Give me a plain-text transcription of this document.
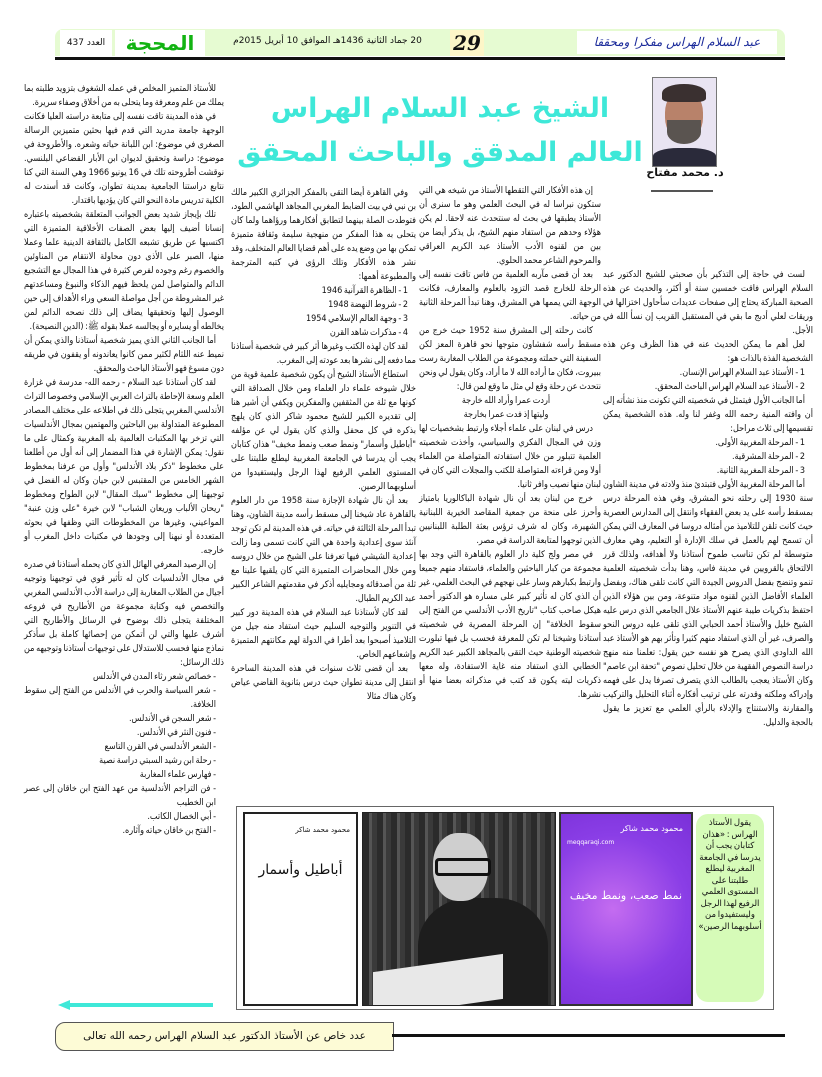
عبد السلام الهراس مفكرا ومحققا
29
20 جماد الثانية 1436هـ الموافق 10 أبريل 2015م
المحجة
العدد 437
الشيخ عبد السلام الهراس
العالم المدقق والباحث المحقق
د. محمد مفتاح

لست في حاجة إلى التذكير بأن صحبتي للشيخ الدكتور عبد السلام الهراس فاقت خمسين سنة أو أكثر، والحديث عن هذه الصحبة المباركة يحتاج إلى صفحات عديدات سأحاول اختزالها في وريقات لعلي أدبج ما بقي في المستقبل القريب إن نسأ الله في الأجل.

لعل أهم ما يمكن الحديث عنه في هذا الظرف وعن هذه الشخصية الفذة بالذات هو:

1 - الأستاذ عبد السلام الهراس الإنسان.

2 - الأستاذ عبد السلام الهراس الباحث المحقق.

أما الجانب الأول فيتمثل في شخصيته التي تكونت منذ نشأته إلى أن وافته المنية رحمه الله وغفر لنا وله. هذه الشخصية يمكن تقسيمها إلى ثلاث مراحل:

1 - المرحلة المغربية الأولى.

2 - المرحلة المشرقية.

3 - المرحلة المغربية الثانية.

أما المرحلة المغربية الأولى فتبتدئ منذ ولادته في مدينة الشاون سنة 1930 إلى رحلته نحو المشرق، وفي هذه المرحلة درس بمسقط رأسه على يد بعض الفقهاء وانتقل إلى المدارس العصرية حيث كانت تلقن للتلاميذ من أمثاله دروسا في المعارف التي يمكن أن تسمح لهم بالعمل في سلك الإدارة أو التعليم، وهي معارف متوسطة لم تكن تناسب طموح أستاذنا ولا أهدافه، ولذلك قرر الالتحاق بالقرويين في مدينة فاس، وهنا بدأت شخصيته العلمية تنمو وتنضج بفضل الدروس الجيدة التي كانت تلقى هناك، وبفضل العلماء الأفاضل الذين لقنوه مواد متنوعة، ومن بين هؤلاء الذين احتفظ بذكريات طيبة عنهم الأستاذ علال الجامعي الذي درس عليه الشيخ خليل والأستاذ أحمد الحبابي الذي تلقى عليه دروس النحو والصرف، غير أن الذي استفاد منهم كثيرا وتأثر بهم هو الأستاذ عبد الله الداودي الذي يصرح هو نفسه حين يقول: تعلمنا منه منهج دراسة النصوص الفقهية من خلال تحليل نصوص "تحفة ابن عاصم" وكان الأستاذ يعجب بالطالب الذي يتصرف تصرفا يدل على فهمه وإدراكه وملكته وقدرته على ترتيب أفكاره أثناء التحليل والتركيب والمقارنة والاستنتاج والإدلاء بالرأي العلمي مع تعزيز ما يقول بالحجة والدليل.

إن هذه الأفكار التي التقطها الأستاذ من شيخه هي التي ستكون نبراسا له في البحث العلمي وهو ما سنرى أن الأستاذ يطبقها في بحث له سنتحدث عنه لاحقا. لم يكن هؤلاء وحدهم من استفاد منهم الشيخ، بل يذكر أيضا من بين من لقنوه الأدب الأستاذ عبد الكريم العراقي والمرحوم الشاعر محمد الحلوي.

بعد أن قضى مآربه العلمية من فاس تاقت نفسه إلى الرحلة للخارج قصد التزود بالعلوم والمعارف، فكانت الوجهة التي يممها هي المشرق، وهنا تبدأ المرحلة الثانية من حياته.

كانت رحلته إلى المشرق سنة 1952 حيث خرج من مسقط رأسه شفشاون متوجها نحو قاهرة المعز لكن السفينة التي حملته ومجموعة من الطلاب المغاربة رست ببيروت، فكان ما أراده الله لا ما أراد، وكان يقول لي ونحن نتحدث عن رحلة وقع لي مثل ما وقع لمن قال:

أردت عمرا وأراد الله خارجة

وليتها إذ فدت عمرا بخارجة

درس في لبنان على علماء أجلاء وارتبط بشخصيات لها وزن في المجال الفكري والسياسي، وأخذت شخصيته العلمية تتبلور من خلال استفادته المتواصلة من العلماء أولا ومن قراءته المتواصلة للكتب والمجلات التي كان في لبنان منها نصيب وافر ثانيا.

خرج من لبنان بعد أن نال شهادة الباكالوريا بامتياز وأحرز على منحة من جمعية المقاصد الخيرية اللبنانية الشهيرة، وكان له شرف ترؤس بعثة الطلبة اللبنانيين الذين توجهوا لمتابعة الدراسة في مصر.

في مصر ولج كلية دار العلوم بالقاهرة التي وجد بها مجموعة من كبار الباحثين والعلماء، فاستفاد منهم جميعا وارتبط بكبارهم وسار على نهجهم في البحث العلمي، غير أن الذي كان له تأثير كبير على مساره هو الدكتور أحمد هيكل صاحب كتاب "تاريخ الأدب الأندلسي من الفتح إلى سقوط الخلافة" إن المرحلة المصرية في شخصيته أستاذنا وشيخنا لم تكن للمعرفة فحسب بل فيها تبلورت شخصيته الوطنية حيث التقى بالمجاهد الكبير عبد الكريم الخطابي الذي استفاد منه غاية الاستفادة، وله معها ذكريات ليته يكون قد كتب في مذكراته بعضا منها أو نشرها.

وفي القاهرة أيضا التقى بالمفكر الجزائري الكبير مالك بن نبي في بيت الضابط المغربي المجاهد الهاشمي الطود، فتوطدت الصلة بينهما لتطابق أفكارهما ورؤاهما ولما كان يتحلى به هذا المفكر من منهجية سليمة وثقافة متميزة تمكن بها من وضع يده على أهم قضايا العالم المتخلف، وقد نشر هذه الأفكار وتلك الرؤى في كتبه المترجمة والمطبوعة أهمها:

1 - الظاهرة القرآنية 1946

2 - شروط النهضة 1948

3 - وجهة العالم الإسلامي 1954

4 - مذكرات شاهد القرن

لقد كان لهذه الكتب وغيرها أثر كبير في شخصية أستاذنا مما دفعه إلى نشرها بعد عودته إلى المغرب.

استطاع الأستاذ الشيخ أن يكون شخصية علمية قوية من خلال شيوخه علماء دار العلماء ومن خلال الصداقة التي كونها مع ثلة من المثقفين والمفكرين ويكفي أن أشير هنا إلى تقديره الكبير للشيخ محمود شاكر الذي كان يلهج بذكره في كل محفل والذي كان يقول لي عن مؤلفه "أباطيل وأسمار" ونمط صعب ونمط مخيف" هذان كتابان يجب أن يدرسا في الجامعة المغربية ليطلع طلبتنا على المستوى العلمي الرفيع لهذا الرجل وليستفيدوا من أسلوبهما الرصين.

بعد أن نال شهادة الإجازة سنة 1958 من دار العلوم بالقاهرة عاد شيخنا إلى مسقط رأسه مدينة الشاون، وهنا تبدأ المرحلة الثالثة في حياته. في هذه المدينة لم تكن توجد آنئذ سوى إعدادية واحدة هي التي كانت تسمى وما زالت إعدادية الشيشي فيها تعرفنا على الشيخ من خلال دروسه ومن خلال المحاضرات المتميزة التي كان يلقيها علينا مع ثلة من أصدقائه ومجايليه أذكر في مقدمتهم الشاعر الكبير عبد الكريم الطبال.

لقد كان لأستاذنا عبد السلام في هذه المدينة دور كبير في التنوير والتوجيه السليم حيث استفاد منه جيل من التلاميذ أصبحوا بعد أطرا في الدولة لهم مكانتهم المتميزة وإشعاعهم الخاص.

بعد أن قضى ثلاث سنوات في هذه المدينة الساحرة انتقل إلى مدينة تطوان حيث درس بثانوية القاضي عياض وكان هناك مثالا

للأستاذ المتميز المخلص في عمله الشغوف بتزويد طلبته بما يملك من علم ومعرفة وما يتحلى به من أخلاق وصفاء سريرة.

في هذه المدينة تاقت نفسه إلى متابعة دراسته العليا فكانت الوجهة جامعة مدريد التي قدم فيها بحثين متميزين الرسالة الصغرى في موضوع: ابن اللبانة حياته وشعره. والأطروحة في موضوع: دراسة وتحقيق لديوان ابن الأبار القضاعي البلنسي. نوقشت أطروحته تلك في 16 يونيو 1966 وهي السنة التي كنا نتابع دراستنا الجامعية بمدينة تطوان، وكانت قد أسندت له الكلية تدريس مادة النحو التي كان يؤديها باقتدار.

تلك بإيجاز شديد بعض الجوانب المتعلقة بشخصيته باعتباره إنسانا أضيف إليها بعض الصفات الأخلاقية المتميزة التي اكتسبها عن طريق تشبعه الكامل بالثقافة الدينية علما وعملا منها، الصبر على الأذى دون محاولة الانتقام من المناوئين والخصوم رغم وجوده لفرص كثيرة في هذا المجال مع التشجيع الدائم والمتواصل لمن يلحظ فيهم الذكاء والنبوغ ومساعدتهم غير المشروطة من أجل مواصلة السعي وراء الأهداف إلى حين الوصول إليها وتحقيقها يضاف إلى ذلك نصحه الدائم لمن يخالطه أو يسايره أو يجالسه عملا بقوله ﷺ: (الدين النصيحة).

أما الجانب الثاني الذي يميز شخصية أستاذنا والذي يمكن أن نميط عنه اللثام لكثير ممن كانوا يعاندونه أو يقفون في طريقه دون مسوغ فهو الأستاذ الباحث والمحقق.

لقد كان أستاذنا عبد السلام - رحمه الله- مدرسة في غزارة العلم وسعة الإحاطة بالتراث العربي الإسلامي وخصوصا التراث الأندلسي المغربي يتجلى ذلك في اطلاعه على مختلف المصادر المطبوعة المتداولة بين الباحثين والمهتمين بمجال الأندلسيات التي تزخر بها المكتبات العالمية بله المغربية وكمثال على ما نقول: يمكن الإشارة في هذا المضمار إلى أنه أول من أطلعنا على مخطوط "ذكر بلاد الأندلس" وأول من عرفنا بمخطوط الشهر الخامس من المقتبس لابن حيان وكان له الفضل في توجيهنا إلى مخطوط "سبك المقال" لابن الطواح ومخطوط "ريحان الألباب وريعان الشباب" لابن خيرة "على وزن عنبة" المواعيني، وغيرها من المخطوطات التي وظفها في بحوثه المتعددة أو نبهنا إلى وجودها في مكتبات داخل المغرب أو خارجه.

إن الرصيد المعرفي الهائل الذي كان يحمله أستاذنا في صدره في مجال الأندلسيات كان له تأثير قوي في توجيهنا وتوجيه أجيال من الطلاب المغاربة إلى دراسة الأدب الأندلسي المغربي والتخصص فيه وكتابة مجموعة من الأطاريح في فروعه المختلفة يتجلى ذلك بوضوح في الرسائل والأطاريح التي أشرف عليها والتي لن أتمكن من إحصائها كاملة بل سأذكر نماذج منها فحسب للاستدلال على توجيهات أستاذنا وتوجيهه من ذلك الرسائل:

- خصائص شعر رثاء المدن في الأندلس

- شعر السياسة والحرب في الأندلس من الفتح إلى سقوط الخلافة.

- شعر السجن في الأندلس.

- فنون النثر في الأندلس.

- الشعر الأندلسي في القرن التاسع

- رحلة ابن رشيد السبتي دراسة نصية

- فهارس علماء المغاربة

- فن التراجم الأندلسية من عهد الفتح ابن خاقان إلى عصر ابن الخطيب

- أبي الخصال الكاتب.

- الفتح بن خاقان حياته وآثاره.	محمود محمد شاكر
أباطيل وأسمار
محمود محمد شاكر
meqqaraqi.com
نمط صعب، ونمط مخيف
يقول الأستاذ الهراس : «هذان كتابان يجب أن يدرسا في الجامعة المغربية ليطلع طلبتنا على المستوى العلمي الرفيع لهذا الرجل وليستفيدوا من أسلوبهما الرصين»
عدد خاص عن الأستاذ الدكتور عبد السلام الهراس رحمه الله تعالى
